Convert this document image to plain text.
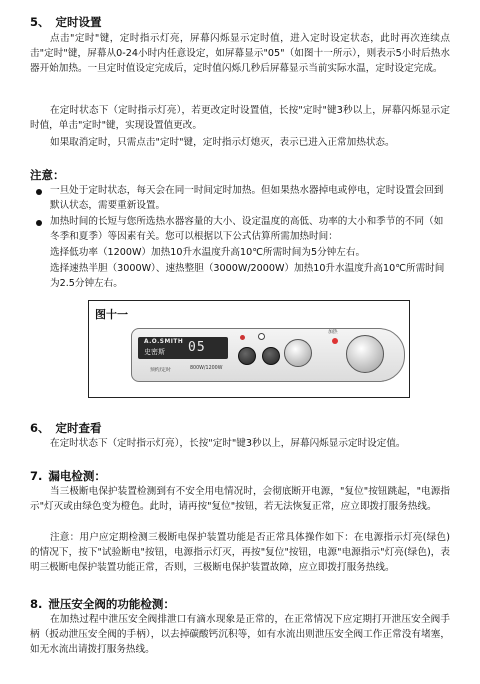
5、 定时设置
点击"定时"键，定时指示灯亮，屏幕闪烁显示定时值，进入定时设定状态，此时再次连续点击"定时"键，屏幕从0-24小时内任意设定，如屏幕显示"05"（如图十一所示），则表示5小时后热水器开始加热。一旦定时值设定完成后，定时值闪烁几秒后屏幕显示当前实际水温，定时设定完成。
在定时状态下（定时指示灯亮），若更改定时设置值，长按"定时"键3秒以上，屏幕闪烁显示定时值，单击"定时"键，实现设置值更改。
如果取消定时，只需点击"定时"键，定时指示灯熄灭，表示已进入正常加热状态。
注意：
一旦处于定时状态，每天会在同一时间定时加热。但如果热水器掉电或停电，定时设置会回到默认状态，需要重新设置。
加热时间的长短与您所选热水器容量的大小、设定温度的高低、功率的大小和季节的不同（如冬季和夏季）等因素有关。您可以根据以下公式估算所需加热时间：
选择低功率（1200W）加热10升水温度升高10℃所需时间为5分钟左右。
选择速热半胆（3000W）、速热整胆（3000W/2000W）加热10升水温度升高10℃所需时间为2.5分钟左右。
图十一
A.O.SMITH
史密斯 05
预约/定时	800W/1200W
加热
6、 定时查看
在定时状态下（定时指示灯亮），长按"定时"键3秒以上，屏幕闪烁显示定时设定值。
7. 漏电检测：
当三极断电保护装置检测到有不安全用电情况时，会彻底断开电源，"复位"按钮跳起，"电源指示"灯灭或由绿色变为橙色。此时，请再按"复位"按钮，若无法恢复正常，应立即拨打服务热线。
注意：用户应定期检测三极断电保护装置功能是否正常具体操作如下：在电源指示灯亮(绿色)的情况下，按下"试验断电"按钮，电源指示灯灭，再按"复位"按钮，电源"电源指示"灯亮(绿色)，表明三极断电保护装置功能正常，否则，三极断电保护装置故障，应立即拨打服务热线。
8. 泄压安全阀的功能检测：
在加热过程中泄压安全阀排泄口有滴水现象是正常的，在正常情况下应定期打开泄压安全阀手柄（扳动泄压安全阀的手柄），以去掉碳酸钙沉积等，如有水流出则泄压安全阀工作正常没有堵塞，如无水流出请拨打服务热线。
